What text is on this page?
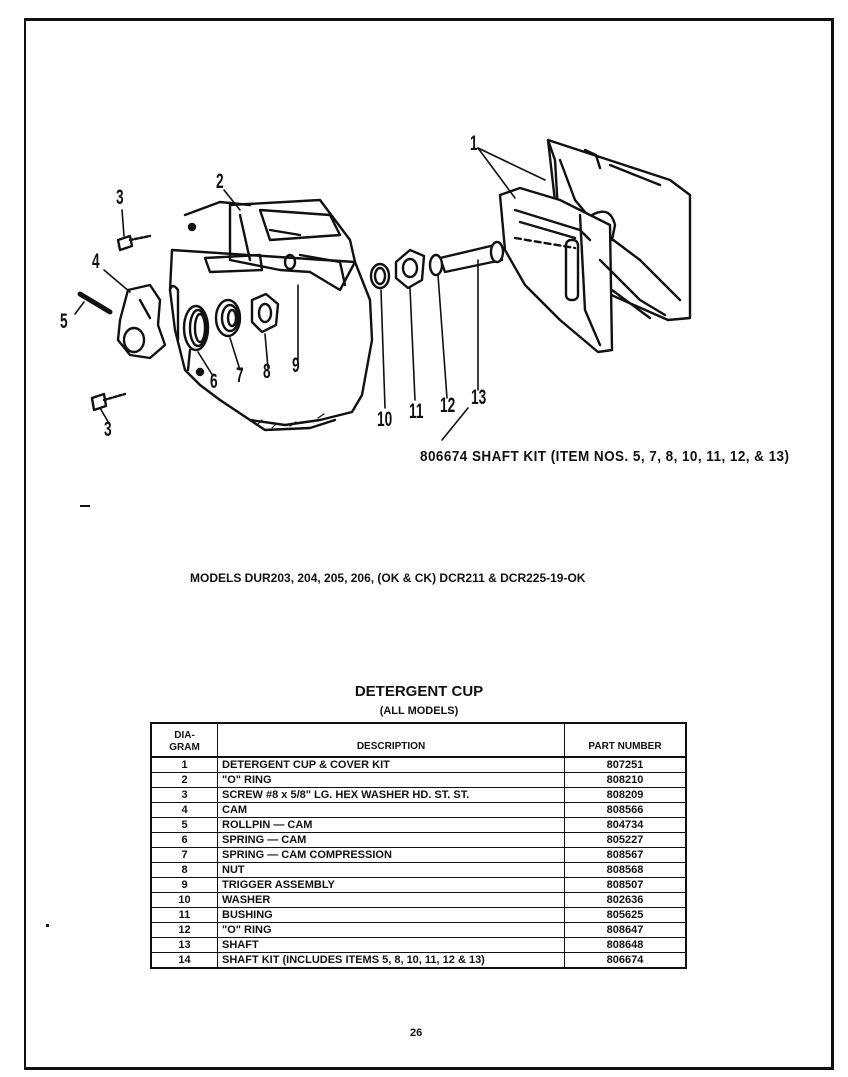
1
2
3
3
4
5
6 7 8 9
10 11 12 13
806674 SHAFT KIT (ITEM NOS. 5, 7, 8, 10, 11, 12, & 13)
MODELS DUR203, 204, 205, 206, (OK & CK) DCR211 & DCR225-19-OK
DETERGENT CUP
(ALL MODELS)
DIA-
GRAM	DESCRIPTION	PART NUMBER
1	DETERGENT CUP & COVER KIT	807251
2	"O" RING	808210
3	SCREW #8 x 5/8" LG. HEX WASHER HD. ST. ST.	808209
4	CAM	808566
5	ROLLPIN — CAM	804734
6	SPRING — CAM	805227
7	SPRING — CAM COMPRESSION	808567
8	NUT	808568
9	TRIGGER ASSEMBLY	808507
10	WASHER	802636
11	BUSHING	805625
12	"O" RING	808647
13	SHAFT	808648
14	SHAFT KIT (INCLUDES ITEMS 5, 8, 10, 11, 12 & 13)	806674
26
